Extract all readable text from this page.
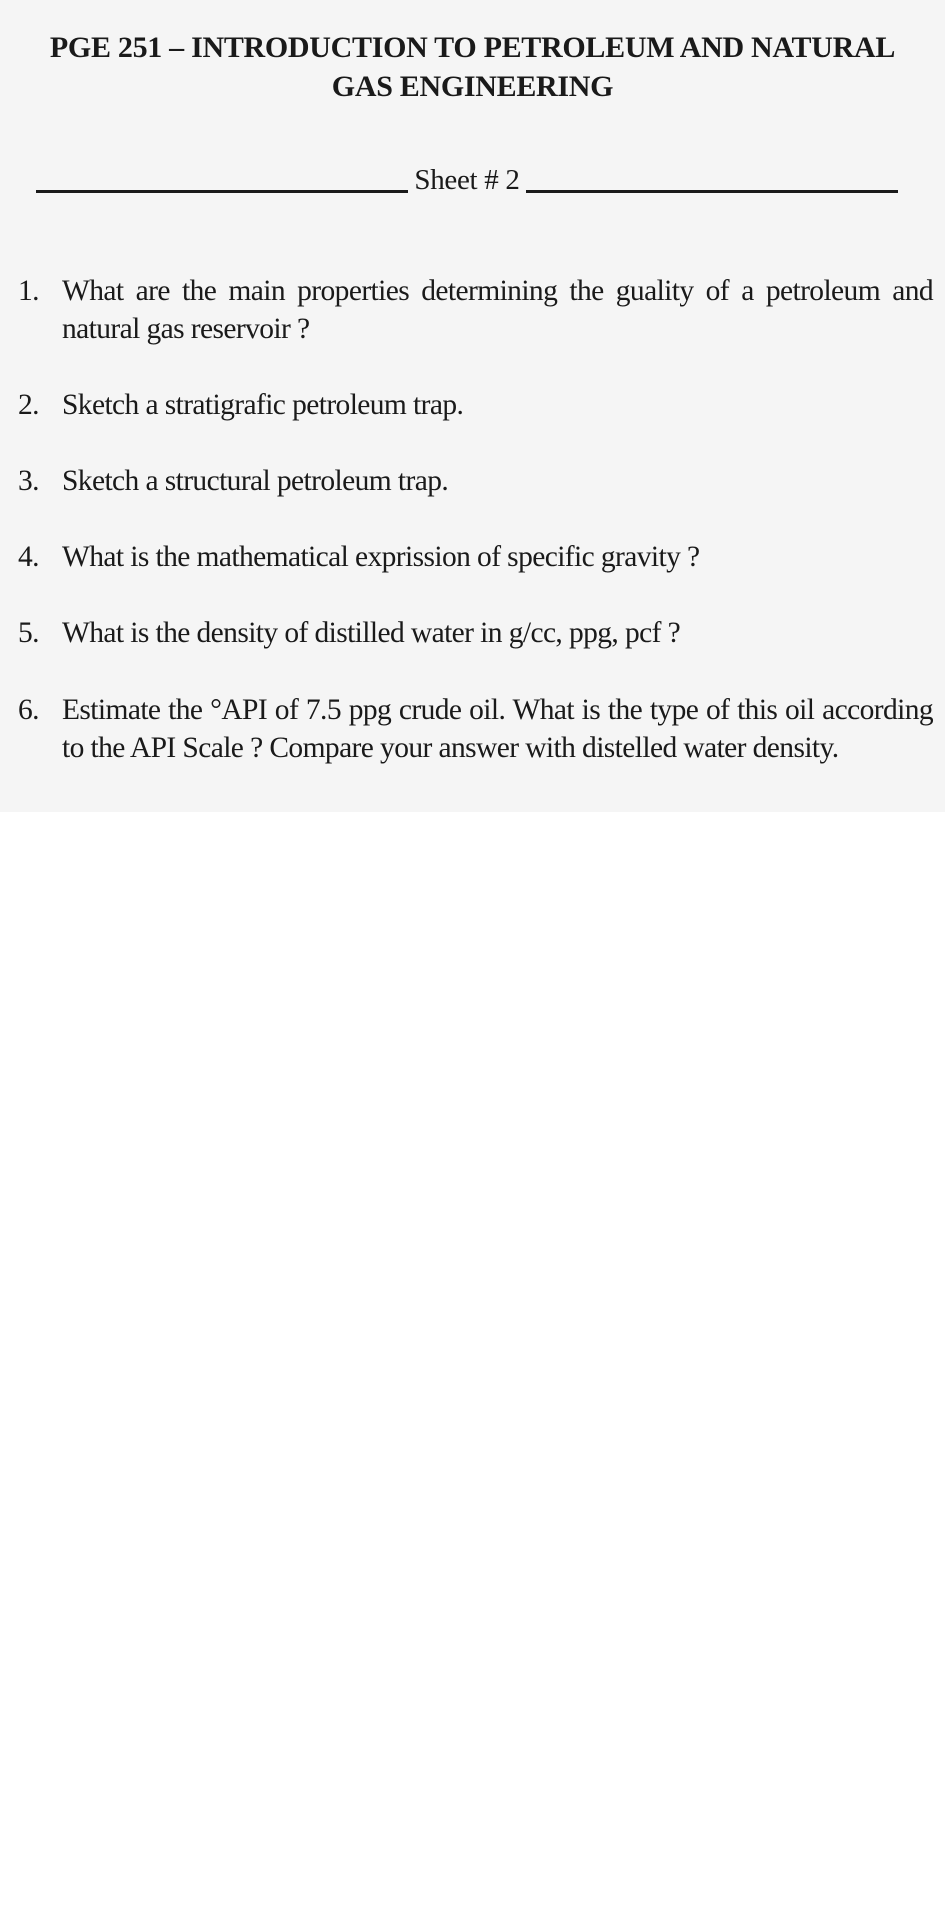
PGE 251 – INTRODUCTION TO PETROLEUM AND NATURAL GAS ENGINEERING
Sheet # 2
1. What are the main properties determining the guality of a petroleum and natural gas reservoir ?
2. Sketch a stratigrafic petroleum trap.
3. Sketch a structural petroleum trap.
4. What is the mathematical exprission of specific gravity ?
5. What is the density of distilled water in g/cc, ppg, pcf ?
6. Estimate the °API of 7.5 ppg crude oil. What is the type of this oil according to the API Scale ? Compare your answer with distelled water density.
